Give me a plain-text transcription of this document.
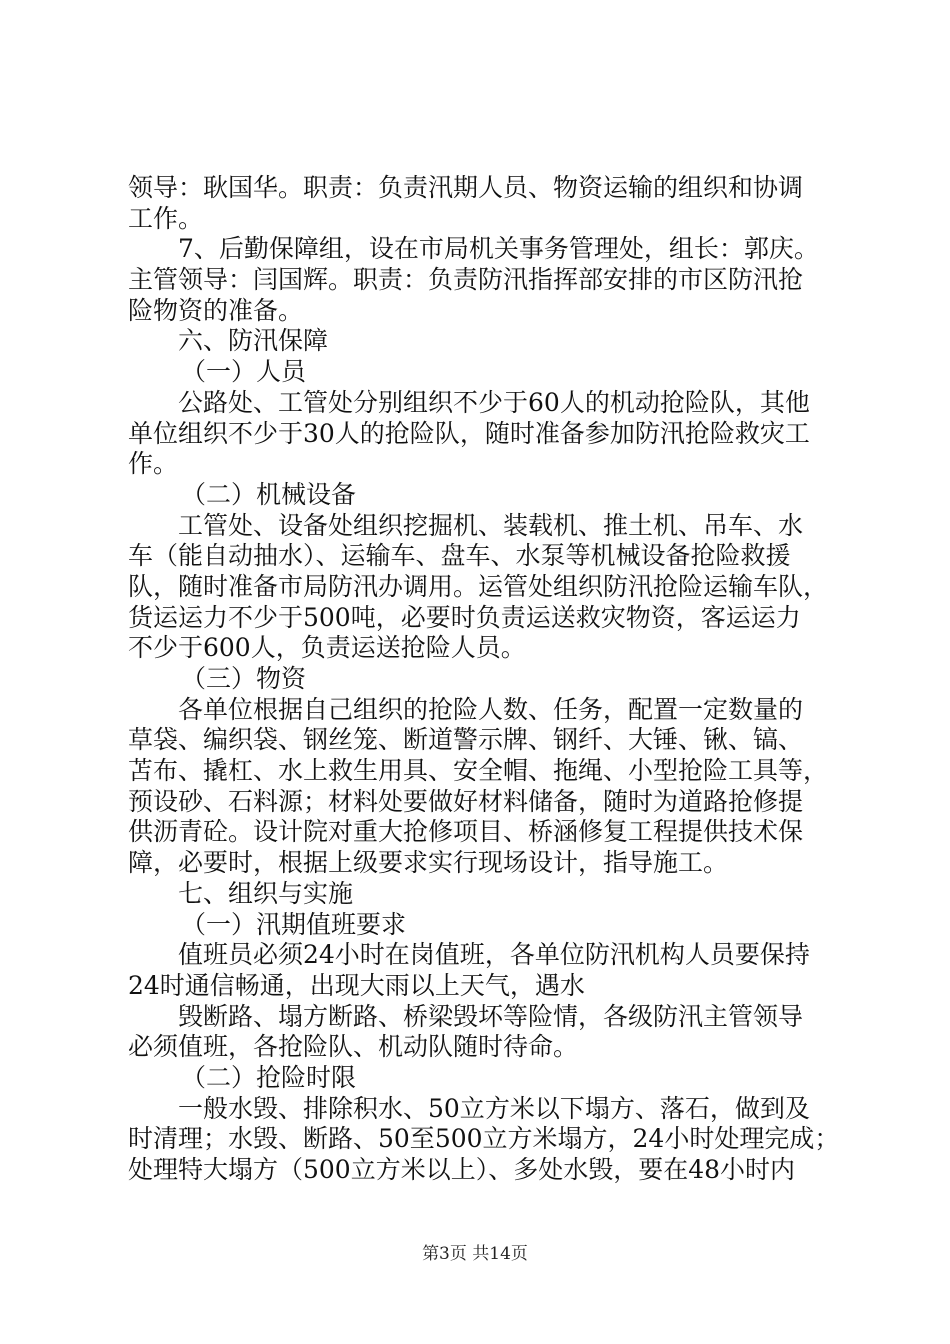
领导：耿国华。职责：负责汛期人员、物资运输的组织和协调
工作。
7、后勤保障组，设在市局机关事务管理处，组长：郭庆。
主管领导：闫国辉。职责：负责防汛指挥部安排的市区防汛抢
险物资的准备。
六、防汛保障
（一）人员
公路处、工管处分别组织不少于60人的机动抢险队，其他
单位组织不少于30人的抢险队，随时准备参加防汛抢险救灾工
作。
（二）机械设备
工管处、设备处组织挖掘机、装载机、推土机、吊车、水
车（能自动抽水）、运输车、盘车、水泵等机械设备抢险救援
队，随时准备市局防汛办调用。运管处组织防汛抢险运输车队，
货运运力不少于500吨，必要时负责运送救灾物资，客运运力
不少于600人，负责运送抢险人员。
（三）物资
各单位根据自己组织的抢险人数、任务，配置一定数量的
草袋、编织袋、钢丝笼、断道警示牌、钢纤、大锤、锹、镐、
苫布、撬杠、水上救生用具、安全帽、拖绳、小型抢险工具等，
预设砂、石料源；材料处要做好材料储备，随时为道路抢修提
供沥青砼。设计院对重大抢修项目、桥涵修复工程提供技术保
障，必要时，根据上级要求实行现场设计，指导施工。
七、组织与实施
（一）汛期值班要求
值班员必须24小时在岗值班，各单位防汛机构人员要保持
24时通信畅通，出现大雨以上天气，遇水
毁断路、塌方断路、桥梁毁坏等险情，各级防汛主管领导
必须值班，各抢险队、机动队随时待命。
（二）抢险时限
一般水毁、排除积水、50立方米以下塌方、落石，做到及
时清理；水毁、断路、50至500立方米塌方，24小时处理完成；
处理特大塌方（500立方米以上）、多处水毁，要在48小时内
第3页 共14页
